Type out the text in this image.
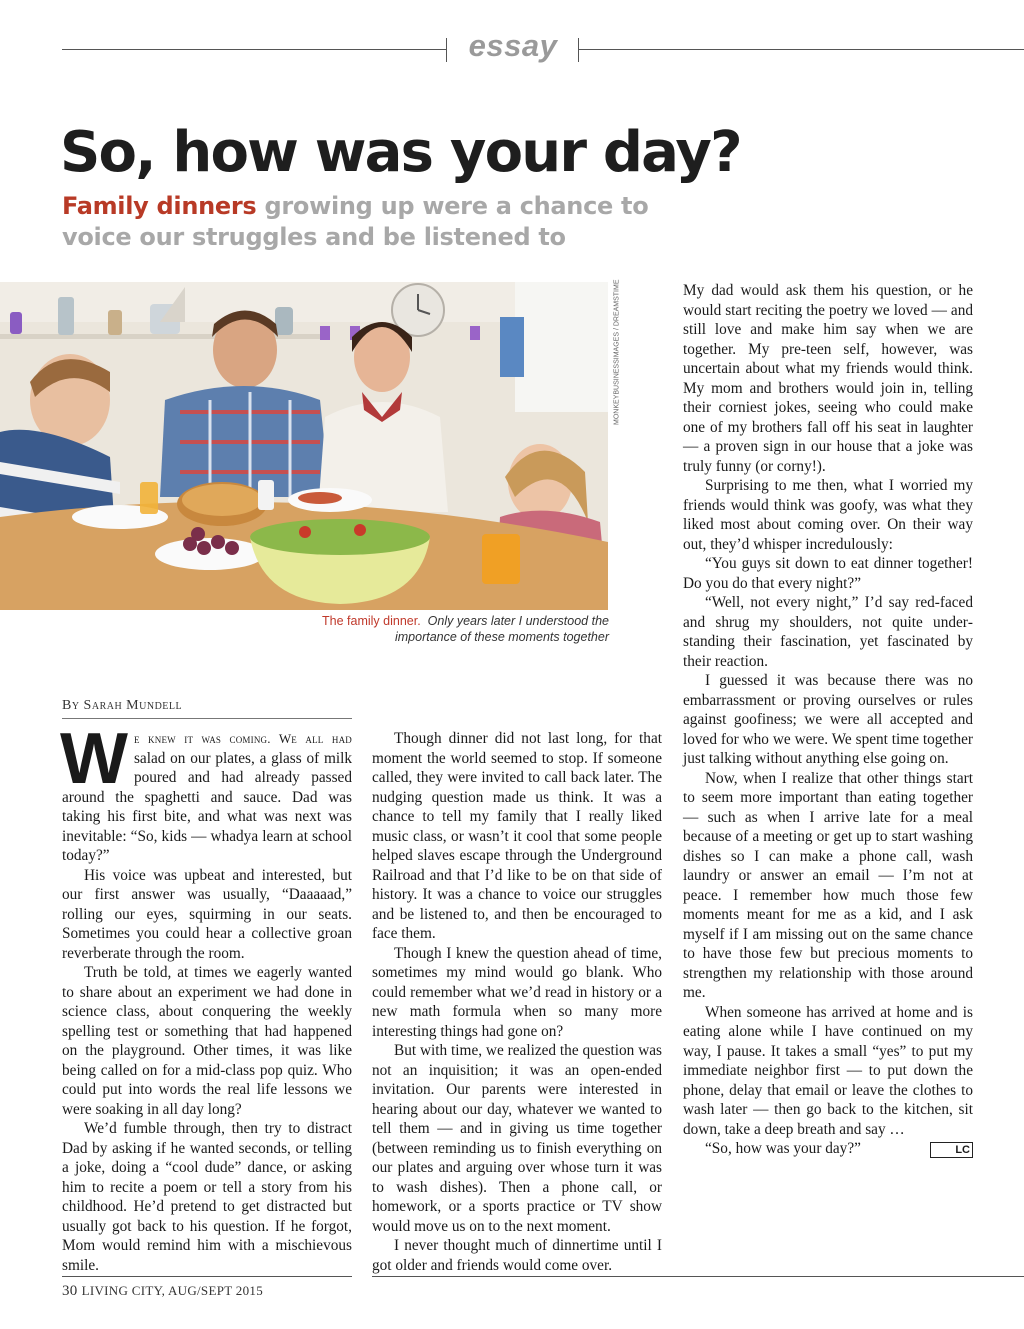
essay
So, how was your day?

Family dinners growing up were a chance to voice our struggles and be listened to

MONKEYBUSINESSIMAGES / DREAMSTIME

The family dinner. Only years later I understood the importance of these moments together

By Sarah Mundell

We knew it was coming. We all had salad on our plates, a glass of milk poured and had already passed around the spaghetti and sauce. Dad was taking his first bite, and what was next was inevitable: “So, kids — whadya learn at school today?”

His voice was upbeat and interested, but our first answer was usually, “Daaaaad,” rolling our eyes, squirming in our seats. Sometimes you could hear a collective groan reverberate through the room.

Truth be told, at times we eagerly wanted to share about an experiment we had done in science class, about conquering the weekly spelling test or something that had happened on the playground. Other times, it was like being called on for a mid-class pop quiz. Who could put into words the real life lessons we were soaking in all day long?

We’d fumble through, then try to distract Dad by asking if he wanted seconds, or telling a joke, doing a “cool dude” dance, or asking him to recite a poem or tell a story from his childhood. He’d pretend to get distracted but usually got back to his question. If he forgot, Mom would remind him with a mischievous smile.

Though dinner did not last long, for that moment the world seemed to stop. If someone called, they were invited to call back later. The nudging question made us think. It was a chance to tell my family that I really liked music class, or wasn’t it cool that some people helped slaves escape through the Underground Railroad and that I’d like to be on that side of history. It was a chance to voice our struggles and be listened to, and then be encouraged to face them.

Though I knew the question ahead of time, sometimes my mind would go blank. Who could remember what we’d read in history or a new math formula when so many more interesting things had gone on?

But with time, we realized the question was not an inquisition; it was an open-ended invitation. Our parents were interested in hearing about our day, whatever we wanted to tell them — and in giving us time together (between reminding us to finish everything on our plates and arguing over whose turn it was to wash dishes). Then a phone call, or homework, or a sports practice or TV show would move us on to the next moment.

I never thought much of dinnertime until I got older and friends would come over.

My dad would ask them his question, or he would start reciting the poetry we loved — and still love and make him say when we are together. My pre-teen self, however, was uncertain about what my friends would think. My mom and brothers would join in, telling their corniest jokes, seeing who could make one of my brothers fall off his seat in laughter — a proven sign in our house that a joke was truly funny (or corny!).

Surprising to me then, what I worried my friends would think was goofy, was what they liked most about coming over. On their way out, they’d whisper incredulously:

“You guys sit down to eat dinner together! Do you do that every night?”

“Well, not every night,” I’d say red-faced and shrug my shoulders, not quite understanding their fascination, yet fascinated by their reaction.

I guessed it was because there was no embarrassment or proving ourselves or rules against goofiness; we were all accepted and loved for who we were. We spent time together just talking without anything else going on.

Now, when I realize that other things start to seem more important than eating together — such as when I arrive late for a meal because of a meeting or get up to start washing dishes so I can make a phone call, wash laundry or answer an email — I’m not at peace. I remember how much those few moments meant for me as a kid, and I ask myself if I am missing out on the same chance to have those few but precious moments to strengthen my relationship with those around me.

When someone has arrived at home and is eating alone while I have continued on my way, I pause. It takes a small “yes” to put my immediate neighbor first — to put down the phone, delay that email or leave the clothes to wash later — then go back to the kitchen, sit down, take a deep breath and say …

“So, how was your day?”	LC

30 LIVING CITY, AUG/SEPT 2015
